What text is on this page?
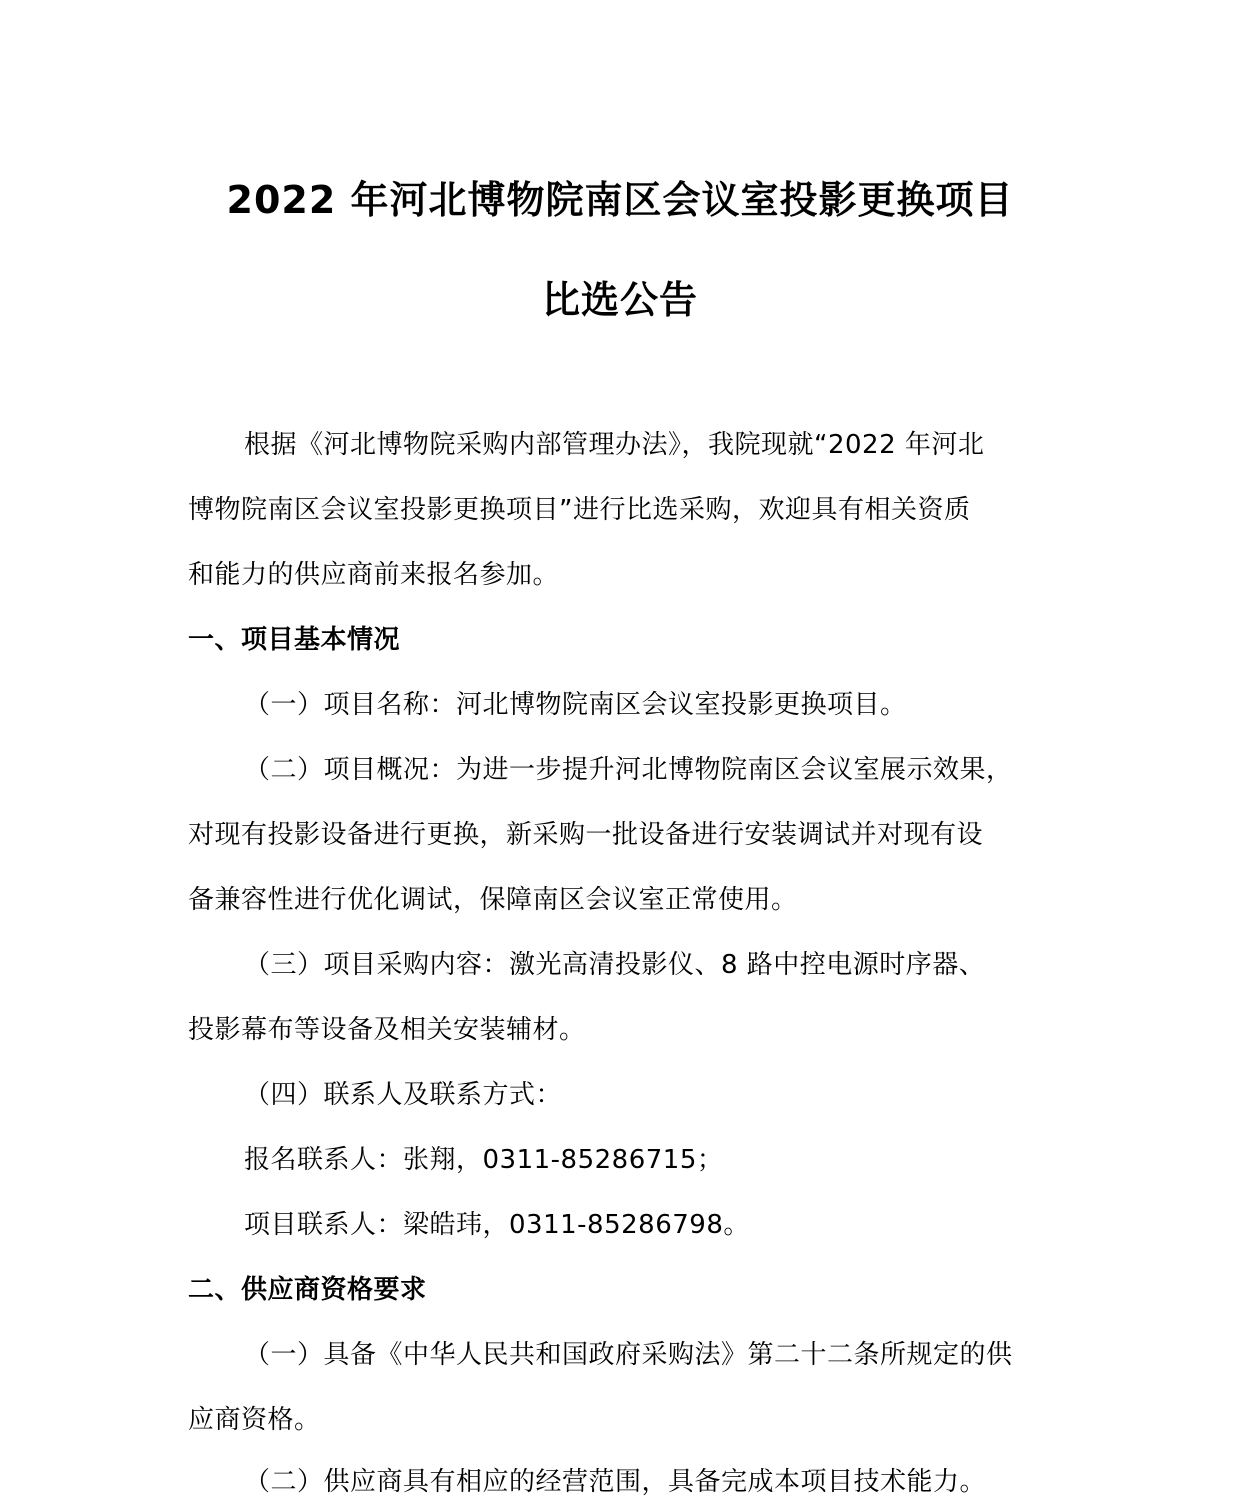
2022 年河北博物院南区会议室投影更换项目
比选公告
根据《河北博物院采购内部管理办法》，我院现就“2022 年河北
博物院南区会议室投影更换项目”进行比选采购，欢迎具有相关资质
和能力的供应商前来报名参加。
一、项目基本情况
（一）项目名称：河北博物院南区会议室投影更换项目。
（二）项目概况：为进一步提升河北博物院南区会议室展示效果，
对现有投影设备进行更换，新采购一批设备进行安装调试并对现有设
备兼容性进行优化调试，保障南区会议室正常使用。
（三）项目采购内容：激光高清投影仪、8 路中控电源时序器、
投影幕布等设备及相关安装辅材。
（四）联系人及联系方式：
报名联系人：张翔，0311-85286715；
项目联系人：梁皓玮，0311-85286798。
二、供应商资格要求
（一）具备《中华人民共和国政府采购法》第二十二条所规定的供
应商资格。
（二）供应商具有相应的经营范围，具备完成本项目技术能力。
